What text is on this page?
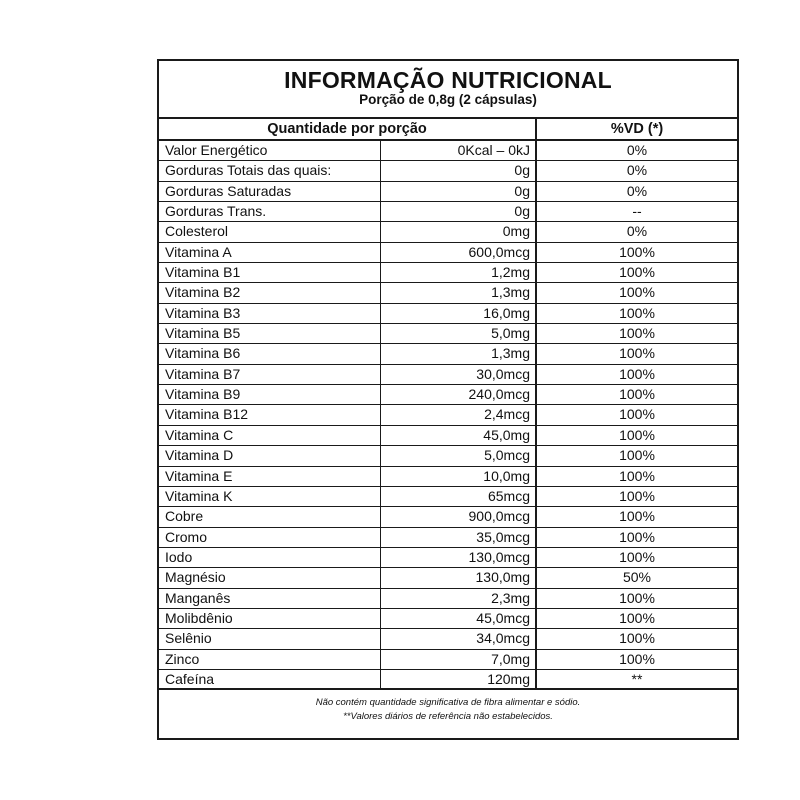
INFORMAÇÃO NUTRICIONAL
Porção de 0,8g (2 cápsulas)
Quantidade por porção	%VD (*)
Valor Energético	0Kcal – 0kJ	0%
Gorduras Totais das quais:	0g	0%
Gorduras Saturadas	0g	0%
Gorduras Trans.	0g	--
Colesterol	0mg	0%
Vitamina A	600,0mcg	100%
Vitamina B1	1,2mg	100%
Vitamina B2	1,3mg	100%
Vitamina B3	16,0mg	100%
Vitamina B5	5,0mg	100%
Vitamina B6	1,3mg	100%
Vitamina B7	30,0mcg	100%
Vitamina B9	240,0mcg	100%
Vitamina B12	2,4mcg	100%
Vitamina C	45,0mg	100%
Vitamina D	5,0mcg	100%
Vitamina E	10,0mg	100%
Vitamina K	65mcg	100%
Cobre	900,0mcg	100%
Cromo	35,0mcg	100%
Iodo	130,0mcg	100%
Magnésio	130,0mg	50%
Manganês	2,3mg	100%
Molibdênio	45,0mcg	100%
Selênio	34,0mcg	100%
Zinco	7,0mg	100%
Cafeína	120mg	**
Não contém quantidade significativa de fibra alimentar e sódio.
**Valores diários de referência não estabelecidos.
